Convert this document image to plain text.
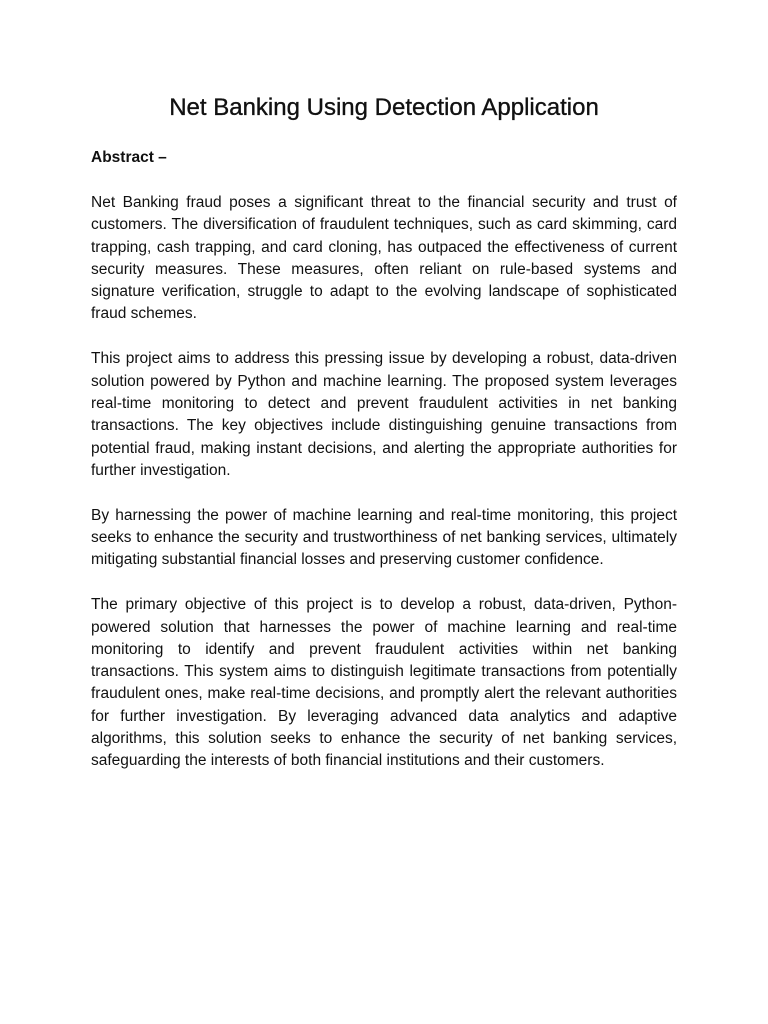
Net Banking Using Detection Application

Abstract –

Net Banking fraud poses a significant threat to the financial security and trust of customers. The diversification of fraudulent techniques, such as card skimming, card trapping, cash trapping, and card cloning, has outpaced the effectiveness of current security measures. These measures, often reliant on rule-based systems and signature verification, struggle to adapt to the evolving landscape of sophisticated fraud schemes.

This project aims to address this pressing issue by developing a robust, data-driven solution powered by Python and machine learning. The proposed system leverages real-time monitoring to detect and prevent fraudulent activities in net banking transactions. The key objectives include distinguishing genuine transactions from potential fraud, making instant decisions, and alerting the appropriate authorities for further investigation.

By harnessing the power of machine learning and real-time monitoring, this project seeks to enhance the security and trustworthiness of net banking services, ultimately mitigating substantial financial losses and preserving customer confidence.

The primary objective of this project is to develop a robust, data-driven, Python-powered solution that harnesses the power of machine learning and real-time monitoring to identify and prevent fraudulent activities within net banking transactions. This system aims to distinguish legitimate transactions from potentially fraudulent ones, make real-time decisions, and promptly alert the relevant authorities for further investigation. By leveraging advanced data analytics and adaptive algorithms, this solution seeks to enhance the security of net banking services, safeguarding the interests of both financial institutions and their customers.
